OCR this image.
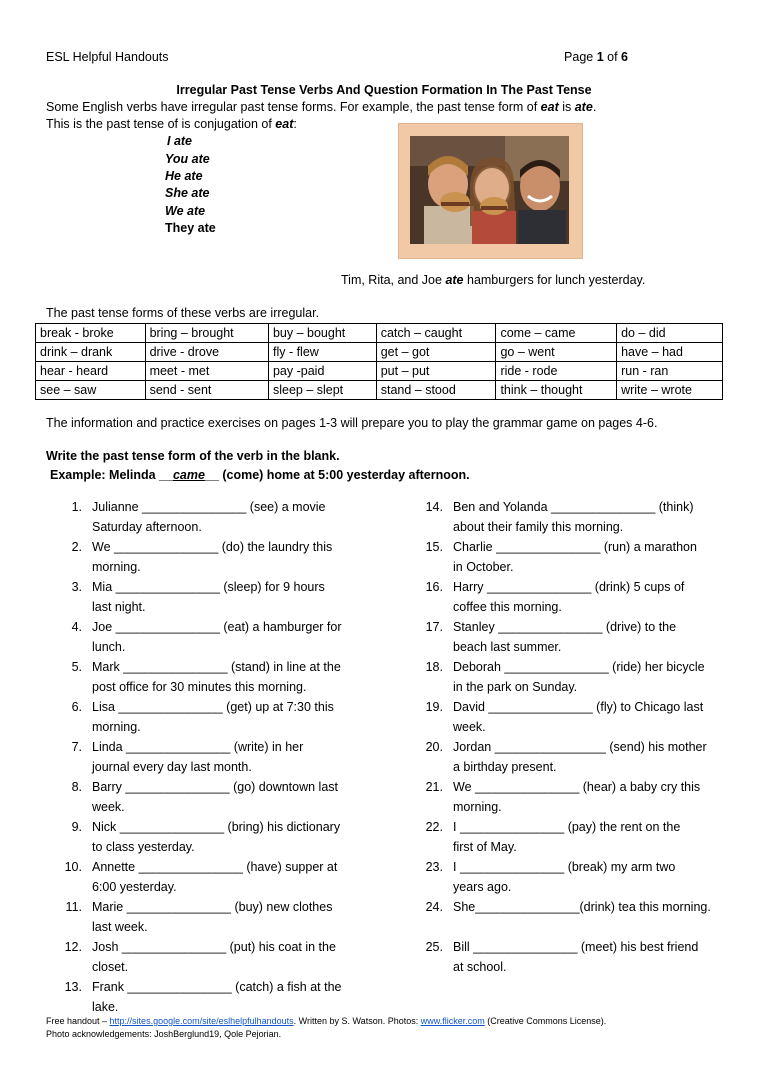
ESL Helpful Handouts	Page 1 of 6
Irregular Past Tense Verbs And Question Formation In The Past Tense
Some English verbs have irregular past tense forms. For example, the past tense form of eat is ate.
This is the past tense of is conjugation of eat:
I ate
You ate
He ate
She ate
We ate
They ate
Tim, Rita, and Joe ate hamburgers for lunch yesterday.
The past tense forms of these verbs are irregular.
break - broke	bring – brought	buy – bought	catch – caught	come – came	do – did
drink – drank	drive - drove	fly - flew	get – got	go – went	have – had
hear - heard	meet - met	pay -paid	put – put	ride - rode	run - ran
see – saw	send - sent	sleep – slept	stand – stood	think – thought	write – wrote
The information and practice exercises on pages 1-3 will prepare you to play the grammar game on pages 4-6.
Write the past tense form of the verb in the blank.
Example: Melinda __came__ (come) home at 5:00 yesterday afternoon.
1. Julianne _______________ (see) a movie
Saturday afternoon.
2. We _______________ (do) the laundry this
morning.
3. Mia _______________ (sleep) for 9 hours
last night.
4. Joe _______________ (eat) a hamburger for
lunch.
5. Mark _______________ (stand) in line at the
post office for 30 minutes this morning.
6. Lisa _______________ (get) up at 7:30 this
morning.
7. Linda _______________ (write) in her
journal every day last month.
8. Barry _______________ (go) downtown last
week.
9. Nick _______________ (bring) his dictionary
to class yesterday.
10. Annette _______________ (have) supper at
6:00 yesterday.
11. Marie _______________ (buy) new clothes
last week.
12. Josh _______________ (put) his coat in the
closet.
13. Frank _______________ (catch) a fish at the
lake.
14. Ben and Yolanda _______________ (think)
about their family this morning.
15. Charlie _______________ (run) a marathon
in October.
16. Harry _______________ (drink) 5 cups of
coffee this morning.
17. Stanley _______________ (drive) to the
beach last summer.
18. Deborah _______________ (ride) her bicycle
in the park on Sunday.
19. David _______________ (fly) to Chicago last
week.
20. Jordan ________________ (send) his mother
a birthday present.
21. We _______________ (hear) a baby cry this
morning.
22. I _______________ (pay) the rent on the
first of May.
23. I _______________ (break) my arm two
years ago.
24. She_______________(drink) tea this morning.
25. Bill _______________ (meet) his best friend
at school.
Free handout – http://sites.google.com/site/eslhelpfulhandouts. Written by S. Watson. Photos: www.flicker.com (Creative Commons License).
Photo acknowledgements: JoshBerglund19, Qole Pejorian.
